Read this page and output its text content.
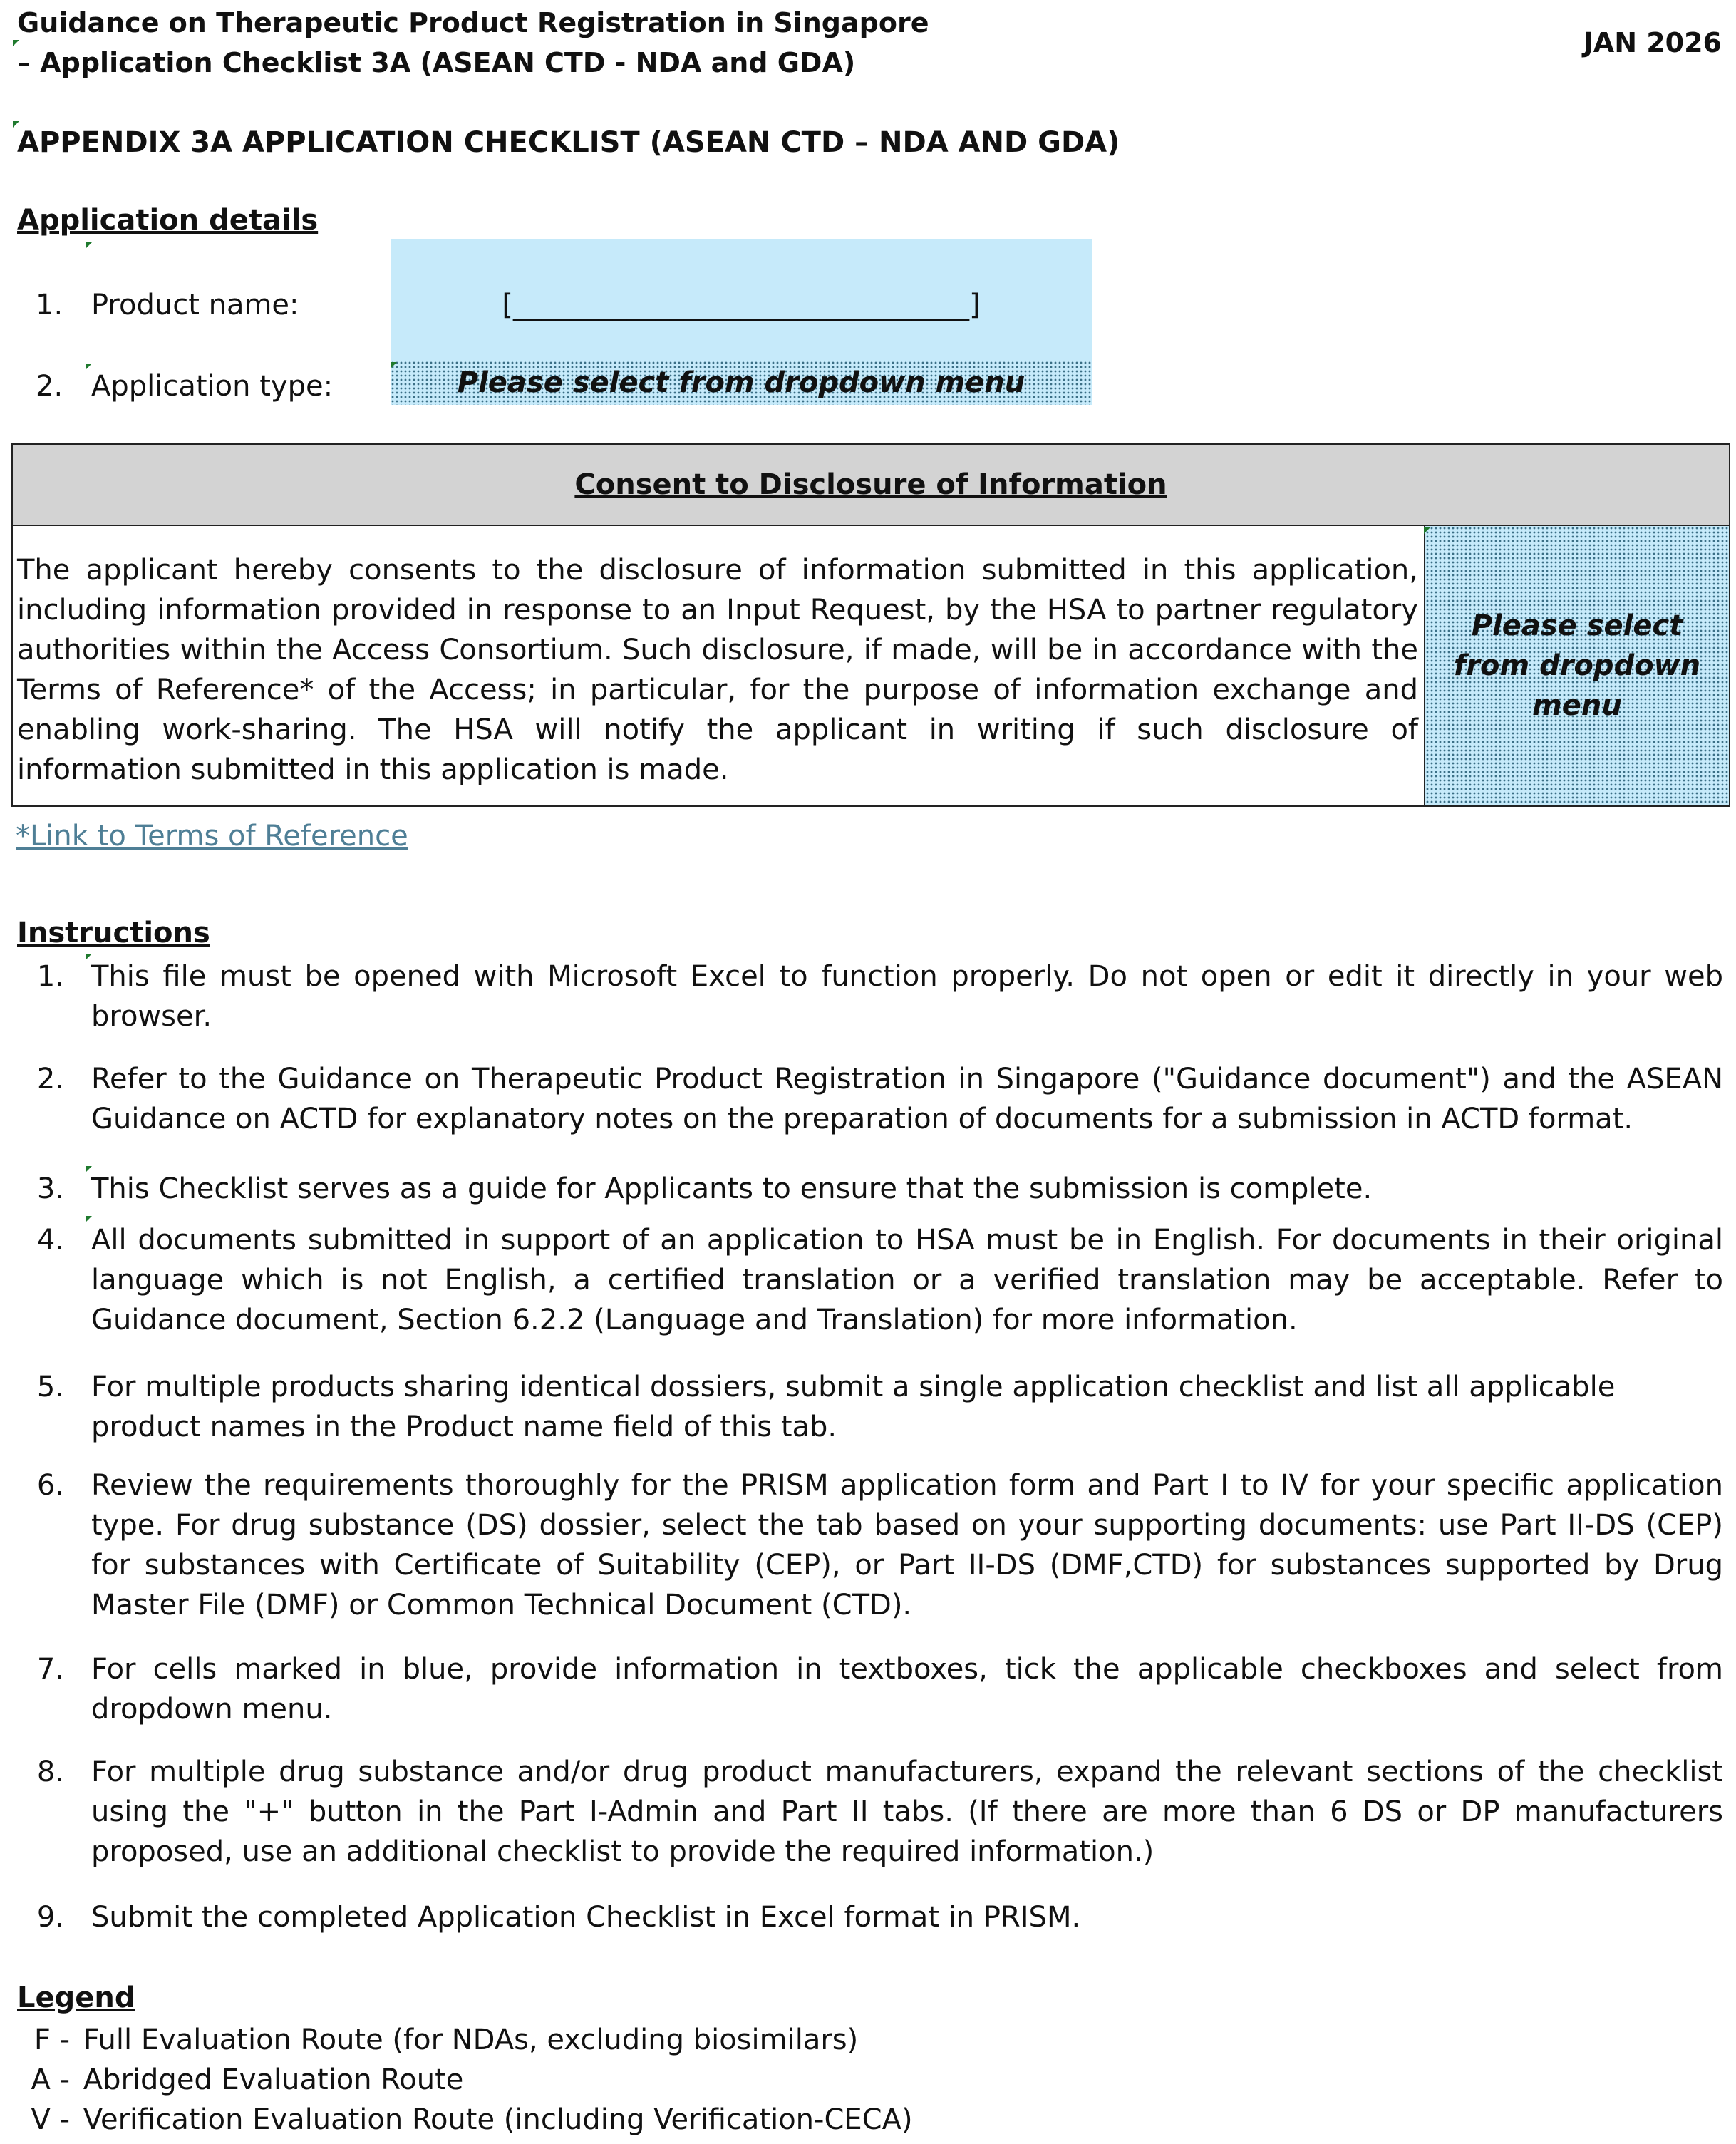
Guidance on Therapeutic Product Registration in Singapore
– Application Checklist 3A (ASEAN CTD - NDA and GDA)
JAN 2026
APPENDIX 3A APPLICATION CHECKLIST (ASEAN CTD – NDA AND GDA)
Application details
1. Product name:	[________________________________]
2. Application type:	Please select from dropdown menu
Consent to Disclosure of Information
The applicant hereby consents to the disclosure of information submitted in this application, including information provided in response to an Input Request, by the HSA to partner regulatory authorities within the Access Consortium. Such disclosure, if made, will be in accordance with the Terms of Reference* of the Access; in particular, for the purpose of information exchange and enabling work-sharing. The HSA will notify the applicant in writing if such disclosure of information submitted in this application is made.
Please select from dropdown menu
*Link to Terms of Reference
Instructions
1. This file must be opened with Microsoft Excel to function properly. Do not open or edit it directly in your web browser.
2. Refer to the Guidance on Therapeutic Product Registration in Singapore ("Guidance document") and the ASEAN Guidance on ACTD for explanatory notes on the preparation of documents for a submission in ACTD format.
3. This Checklist serves as a guide for Applicants to ensure that the submission is complete.
4. All documents submitted in support of an application to HSA must be in English. For documents in their original language which is not English, a certified translation or a verified translation may be acceptable. Refer to Guidance document, Section 6.2.2 (Language and Translation) for more information.
5. For multiple products sharing identical dossiers, submit a single application checklist and list all applicable product names in the Product name field of this tab.
6. Review the requirements thoroughly for the PRISM application form and Part I to IV for your specific application type. For drug substance (DS) dossier, select the tab based on your supporting documents: use Part II-DS (CEP) for substances with Certificate of Suitability (CEP), or Part II-DS (DMF,CTD) for substances supported by Drug Master File (DMF) or Common Technical Document (CTD).
7. For cells marked in blue, provide information in textboxes, tick the applicable checkboxes and select from dropdown menu.
8. For multiple drug substance and/or drug product manufacturers, expand the relevant sections of the checklist using the "+" button in the Part I-Admin and Part II tabs. (If there are more than 6 DS or DP manufacturers proposed, use an additional checklist to provide the required information.)
9. Submit the completed Application Checklist in Excel format in PRISM.
Legend
F - Full Evaluation Route (for NDAs, excluding biosimilars)
A - Abridged Evaluation Route
V - Verification Evaluation Route (including Verification-CECA)
